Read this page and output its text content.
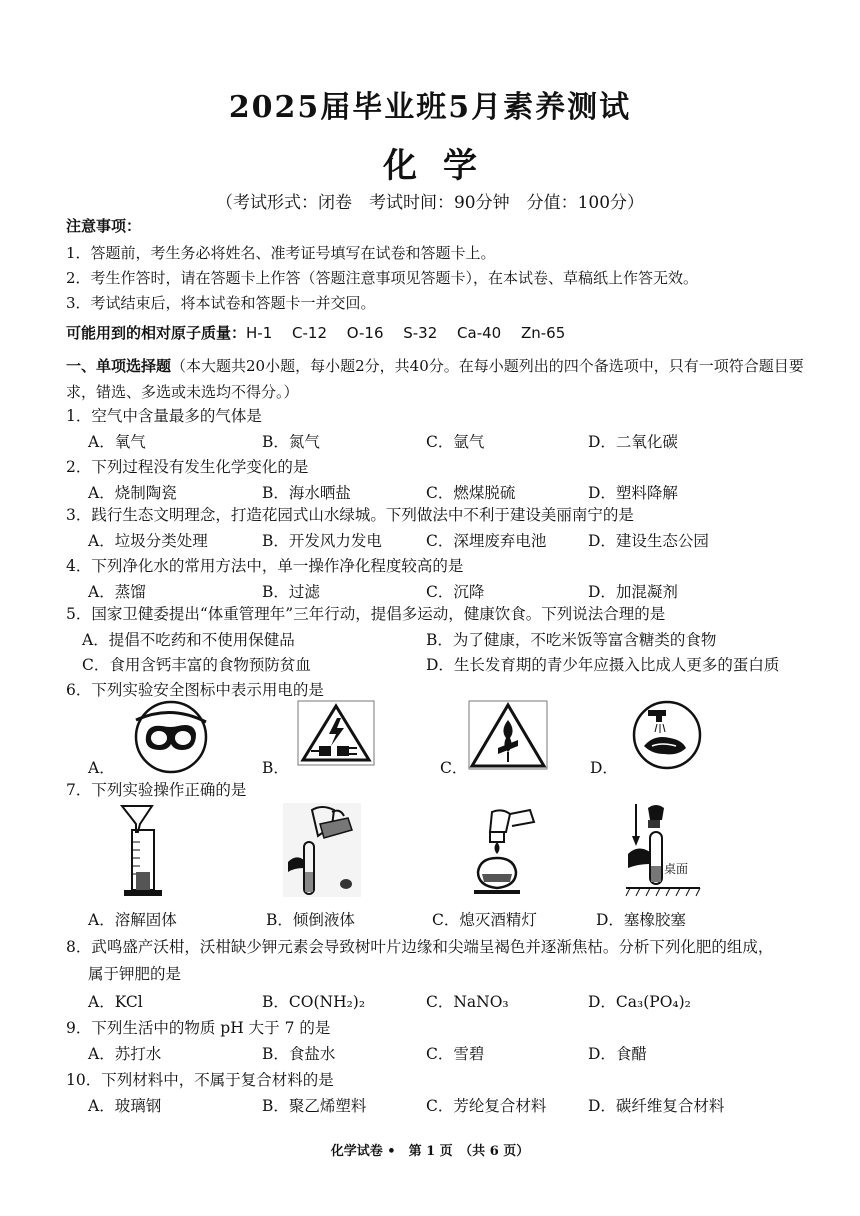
2025届毕业班5月素养测试
化学
（考试形式：闭卷　考试时间：90分钟　分值：100分）
注意事项：
1．答题前，考生务必将姓名、准考证号填写在试卷和答题卡上。
2．考生作答时，请在答题卡上作答（答题注意事项见答题卡），在本试卷、草稿纸上作答无效。
3．考试结束后，将本试卷和答题卡一并交回。
可能用到的相对原子质量：H-1　 C-12　 O-16　 S-32　 Ca-40　 Zn-65
一、单项选择题（本大题共20小题，每小题2分，共40分。在每小题列出的四个备选项中，只有一项符合题目要求，错选、多选或未选均不得分。）
1．空气中含量最多的气体是
A．氧气	B．氮气	C．氩气	D．二氧化碳
2．下列过程没有发生化学变化的是
A．烧制陶瓷	B．海水晒盐	C．燃煤脱硫	D．塑料降解
3．践行生态文明理念，打造花园式山水绿城。下列做法中不利于建设美丽南宁的是
A．垃圾分类处理	B．开发风力发电	C．深埋废弃电池	D．建设生态公园
4．下列净化水的常用方法中，单一操作净化程度较高的是
A．蒸馏	B．过滤	C．沉降	D．加混凝剂
5．国家卫健委提出“体重管理年”三年行动，提倡多运动，健康饮食。下列说法合理的是
A．提倡不吃药和不使用保健品	B．为了健康，不吃米饭等富含糖类的食物
C．食用含钙丰富的食物预防贫血	D．生长发育期的青少年应摄入比成人更多的蛋白质
6．下列实验安全图标中表示用电的是
A．	B．	C．	D．
7．下列实验操作正确的是
桌面
A．溶解固体	B．倾倒液体	C．熄灭酒精灯	D．塞橡胶塞
8．武鸣盛产沃柑，沃柑缺少钾元素会导致树叶片边缘和尖端呈褐色并逐渐焦枯。分析下列化肥的组成，
属于钾肥的是
A．KCl	B．CO(NH₂)₂	C．NaNO₃	D．Ca₃(PO₄)₂
9．下列生活中的物质 pH 大于 7 的是
A．苏打水	B．食盐水	C．雪碧	D．食醋
10．下列材料中，不属于复合材料的是
A．玻璃钢	B．聚乙烯塑料	C．芳纶复合材料	D．碳纤维复合材料
化学试卷 •　第 1 页　（共 6 页）
